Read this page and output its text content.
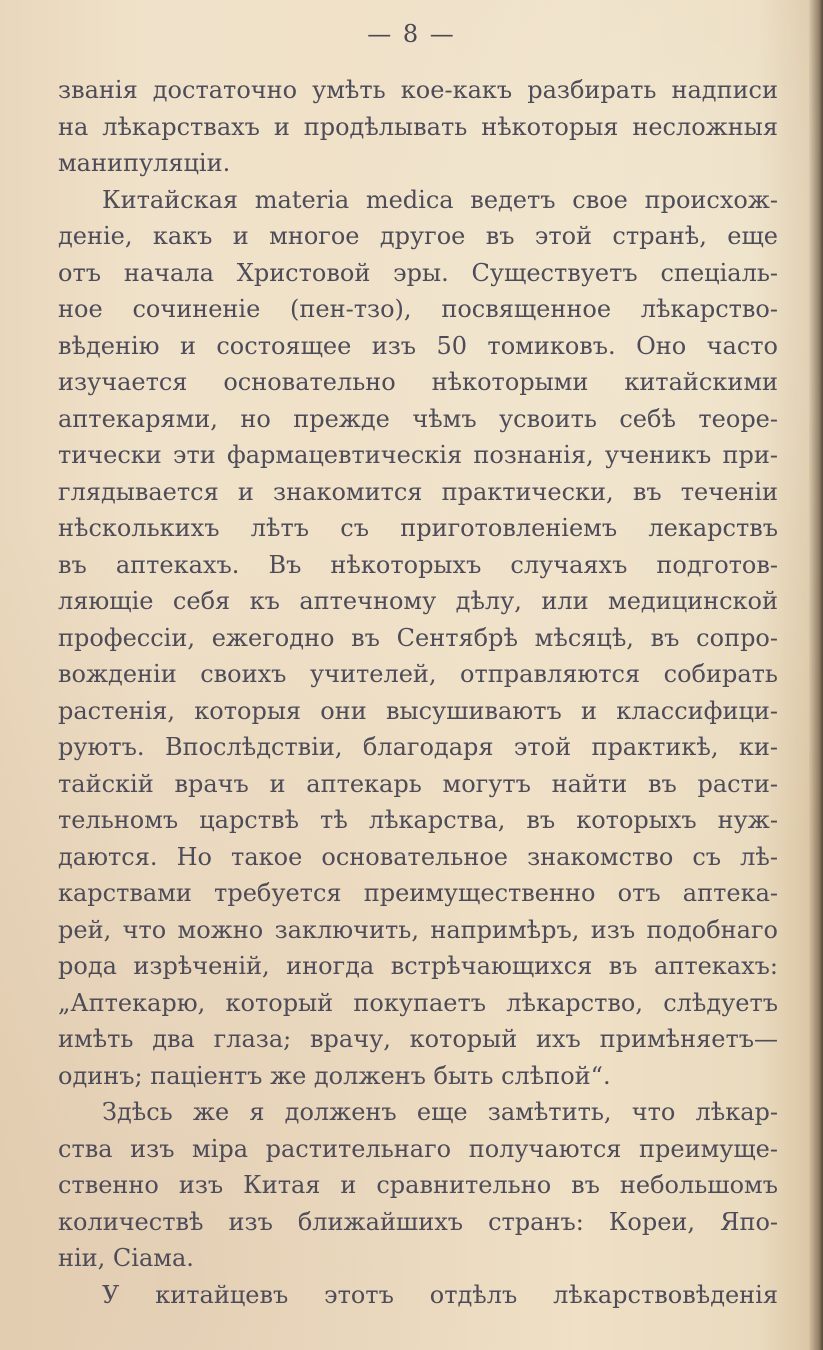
— 8 —
званія достаточно умѣть кое-какъ разбирать надписи
на лѣкарствахъ и продѣлывать нѣкоторыя несложныя
манипуляціи.
Китайская materia medica ведетъ свое происхож-
деніе, какъ и многое другое въ этой странѣ, еще
отъ начала Христовой эры. Существуетъ спеціаль-
ное сочиненіе (пен-тзо), посвященное лѣкарство-
вѣденію и состоящее изъ 50 томиковъ. Оно часто
изучается основательно нѣкоторыми китайскими
аптекарями, но прежде чѣмъ усвоить себѣ теоре-
тически эти фармацевтическія познанія, ученикъ при-
глядывается и знакомится практически, въ теченіи
нѣсколькихъ лѣтъ съ приготовленіемъ лекарствъ
въ аптекахъ. Въ нѣкоторыхъ случаяхъ подготов-
ляющіе себя къ аптечному дѣлу, или медицинской
профессіи, ежегодно въ Сентябрѣ мѣсяцѣ, въ сопро-
вожденіи своихъ учителей, отправляются собирать
растенія, которыя они высушиваютъ и классифици-
руютъ. Впослѣдствіи, благодаря этой практикѣ, ки-
тайскій врачъ и аптекарь могутъ найти въ расти-
тельномъ царствѣ тѣ лѣкарства, въ которыхъ нуж-
даются. Но такое основательное знакомство съ лѣ-
карствами требуется преимущественно отъ аптека-
рей, что можно заключить, напримѣръ, изъ подобнаго
рода изрѣченій, иногда встрѣчающихся въ аптекахъ:
„Аптекарю, который покупаетъ лѣкарство, слѣдуетъ
имѣть два глаза; врачу, который ихъ примѣняетъ—
одинъ; паціентъ же долженъ быть слѣпой“.
Здѣсь же я долженъ еще замѣтить, что лѣкар-
ства изъ міра растительнаго получаются преимуще-
ственно изъ Китая и сравнительно въ небольшомъ
количествѣ изъ ближайшихъ странъ: Кореи, Япо-
ніи, Сіама.
У китайцевъ этотъ отдѣлъ лѣкарствовѣденія
